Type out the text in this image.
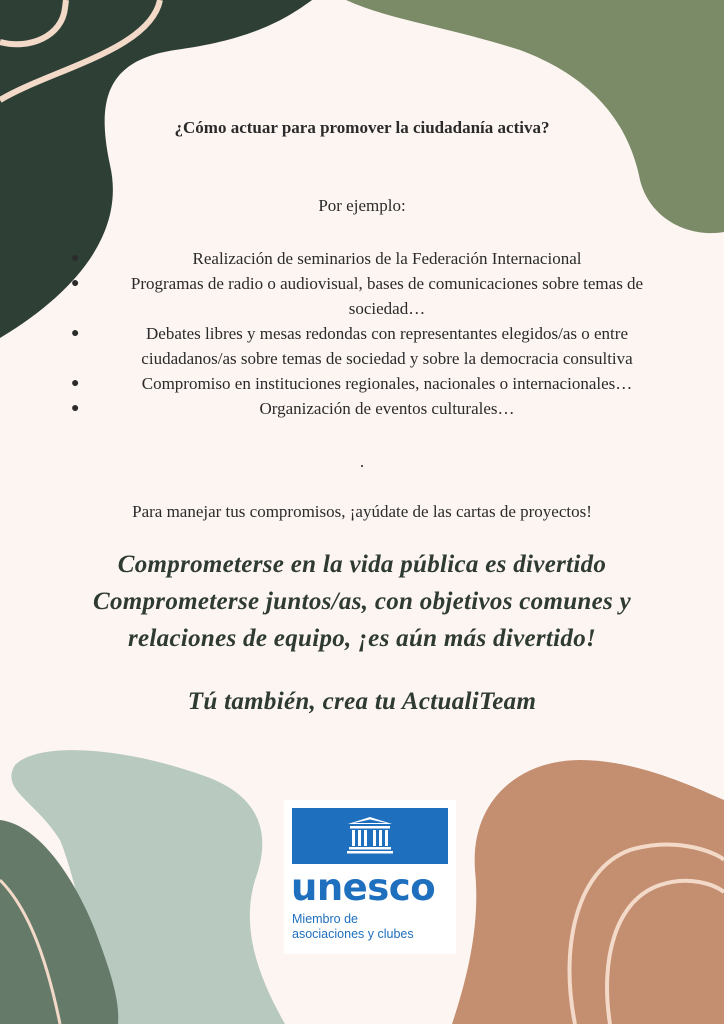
¿Cómo actuar para promover la ciudadanía activa?
Por ejemplo:
●	Realización de seminarios de la Federación Internacional
●	Programas de radio o audiovisual, bases de comunicaciones sobre temas de sociedad…
●	Debates libres y mesas redondas con representantes elegidos/as o entre ciudadanos/as sobre temas de sociedad y sobre la democracia consultiva
●	Compromiso en instituciones regionales, nacionales o internacionales…
●	Organización de eventos culturales…
.
Para manejar tus compromisos, ¡ayúdate de las cartas de proyectos!
Comprometerse en la vida pública es divertido
Comprometerse juntos/as, con objetivos comunes y
relaciones de equipo, ¡es aún más divertido!
Tú también, crea tu ActualiTeam
unesco
Miembro de
asociaciones y clubes
